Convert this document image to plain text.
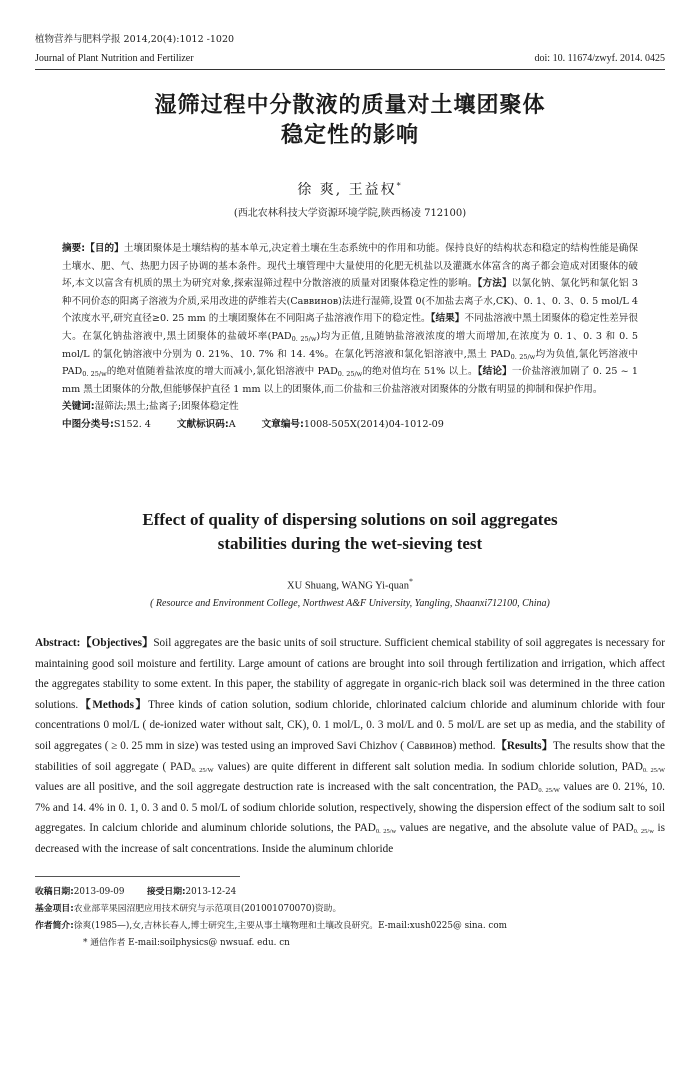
植物营养与肥料学报 2014,20(4):1012 -1020
Journal of Plant Nutrition and Fertilizer	doi: 10. 11674/zwyf. 2014. 0425
湿筛过程中分散液的质量对土壤团聚体
稳定性的影响
徐 爽, 王益权*
(西北农林科技大学资源环境学院,陕西杨凌 712100)

摘要:【目的】土壤团聚体是土壤结构的基本单元,决定着土壤在生态系统中的作用和功能。保持良好的结构状态和稳定的结构性能是确保土壤水、肥、气、热肥力因子协调的基本条件。现代土壤管理中大量使用的化肥无机盐以及灌溉水体富含的离子都会造成对团聚体的破坏,本文以富含有机质的黑土为研究对象,探索湿筛过程中分散溶液的质量对团聚体稳定性的影响。【方法】以氯化钠、氯化钙和氯化铝 3 种不同价态的阳离子溶液为介质,采用改进的萨维若夫(Саввинов)法进行湿筛,设置 0(不加盐去离子水,CK)、0. 1、0. 3、0. 5 mol/L 4 个浓度水平,研究直径≥0. 25 mm 的土壤团聚体在不同阳离子盐溶液作用下的稳定性。【结果】不同盐溶液中黑土团聚体的稳定性差异很大。在氯化钠盐溶液中,黑土团聚体的盐破坏率$(PAD_{0. 25/w})$均为正值,且随钠盐溶液浓度的增大而增加,在浓度为 0. 1、0. 3 和 0. 5 mol/L 的氯化钠溶液中分别为 0. 21%、10. 7% 和 14. 4%。在氯化钙溶液和氯化铝溶液中,黑土 $PAD_{0. 25/w}$均为负值,氯化钙溶液中 $PAD_{0. 25/w}$的绝对值随着盐浓度的增大而减小,氯化铝溶液中 $PAD_{0. 25/w}$的绝对值均在 51% 以上。【结论】一价盐溶液加剧了 0. 25 ~ 1 mm 黑土团聚体的分散,但能够保护直径 1 mm 以上的团聚体,而二价盐和三价盐溶液对团聚体的分散有明显的抑制和保护作用。

关键词:湿筛法;黑土;盐离子;团聚体稳定性

中图分类号:S152. 4	文献标识码:A	文章编号:1008-505X(2014)04-1012-09

Effect of quality of dispersing solutions on soil aggregates
stabilities during the wet-sieving test
XU Shuang, WANG Yi-quan*
( Resource and Environment College, Northwest A&F University, Yangling, Shaanxi712100, China)
Abstract:【Objectives】Soil aggregates are the basic units of soil structure. Sufficient chemical stability of soil aggregates is necessary for maintaining good soil moisture and fertility. Large amount of cations are brought into soil through fertilization and irrigation, which affect the aggregates stability to some extent. In this paper, the stability of aggregate in organic-rich black soil was determined in the three cation solutions.【Methods】Three kinds of cation solution, sodium chloride, chlorinated calcium chloride and aluminum chloride with four concentrations 0 mol/L ( de-ionized water without salt, CK), 0. 1 mol/L, 0. 3 mol/L and 0. 5 mol/L are set up as media, and the stability of soil aggregates ( ≥ 0. 25 mm in size) was tested using an improved Savi Chizhov ( Саввинов) method.【Results】The results show that the stabilities of soil aggregate ( $PAD_{0. 25/W}$ values) are quite different in different salt solution media. In sodium chloride solution, $PAD_{0. 25/W}$ values are all positive, and the soil aggregate destruction rate is increased with the salt concentration, the $PAD_{0. 25/W}$ values are 0. 21%, 10. 7% and 14. 4% in 0. 1, 0. 3 and 0. 5 mol/L of sodium chloride solution, respectively, showing the dispersion effect of the sodium salt to soil aggregates. In calcium chloride and aluminum chloride solutions, the $PAD_{0. 25/w}$ values are negative, and the absolute value of $PAD_{0. 25/w}$ is decreased with the increase of salt concentrations. Inside the aluminum chloride

收稿日期:2013-09-09	接受日期:2013-12-24

基金项目:农业部苹果园沼肥应用技术研究与示范项目(201001070070)资助。

作者简介:徐爽(1985—),女,吉林长春人,博士研究生,主要从事土壤物理和土壤改良研究。E-mail:xush0225@ sina. com

* 通信作者 E-mail:soilphysics@ nwsuaf. edu. cn
